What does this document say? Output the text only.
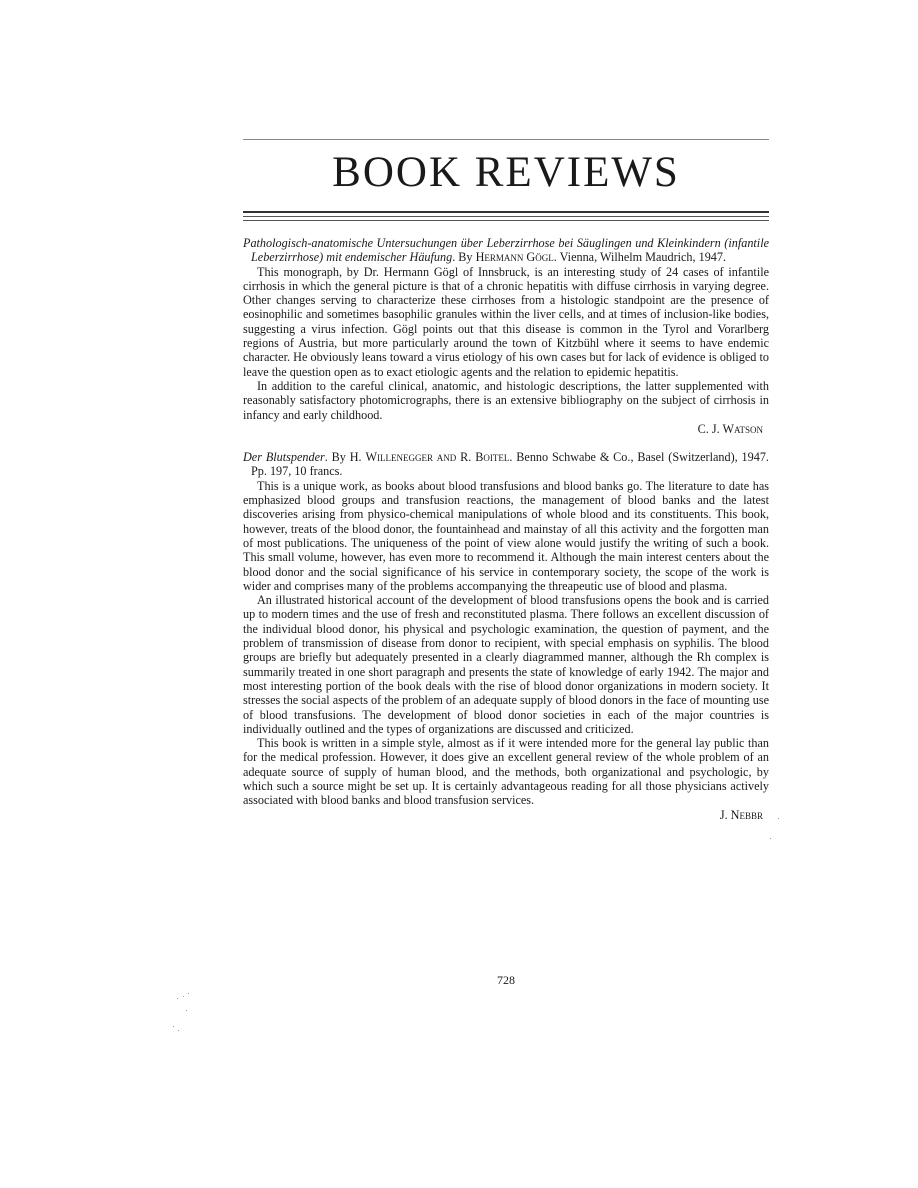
BOOK REVIEWS

Pathologisch-anatomische Untersuchungen über Leberzirrhose bei Säuglingen und Kleinkindern (infantile Leberzirrhose) mit endemischer Häufung. By Hermann Gögl. Vienna, Wilhelm Maudrich, 1947.

This monograph, by Dr. Hermann Gögl of Innsbruck, is an interesting study of 24 cases of infantile cirrhosis in which the general picture is that of a chronic hepatitis with diffuse cirrhosis in varying degree. Other changes serving to characterize these cirrhoses from a histologic standpoint are the presence of eosinophilic and sometimes basophilic granules within the liver cells, and at times of inclusion-like bodies, suggesting a virus infection. Gögl points out that this disease is common in the Tyrol and Vorarlberg regions of Austria, but more particularly around the town of Kitzbühl where it seems to have endemic character. He obviously leans toward a virus etiology of his own cases but for lack of evidence is obliged to leave the question open as to exact etiologic agents and the relation to epidemic hepatitis.

In addition to the careful clinical, anatomic, and histologic descriptions, the latter supplemented with reasonably satisfactory photomicrographs, there is an extensive bibliography on the subject of cirrhosis in infancy and early childhood.

C. J. Watson

Der Blutspender. By H. Willenegger and R. Boitel. Benno Schwabe & Co., Basel (Switzerland), 1947. Pp. 197, 10 francs.

This is a unique work, as books about blood transfusions and blood banks go. The literature to date has emphasized blood groups and transfusion reactions, the management of blood banks and the latest discoveries arising from physico-chemical manipulations of whole blood and its constituents. This book, however, treats of the blood donor, the fountainhead and mainstay of all this activity and the forgotten man of most publications. The uniqueness of the point of view alone would justify the writing of such a book. This small volume, however, has even more to recommend it. Although the main interest centers about the blood donor and the social significance of his service in contemporary society, the scope of the work is wider and comprises many of the problems accompanying the threapeutic use of blood and plasma.

An illustrated historical account of the development of blood transfusions opens the book and is carried up to modern times and the use of fresh and reconstituted plasma. There follows an excellent discussion of the individual blood donor, his physical and psychologic examination, the question of payment, and the problem of transmission of disease from donor to recipient, with special emphasis on syphilis. The blood groups are briefly but adequately presented in a clearly diagrammed manner, although the Rh complex is summarily treated in one short paragraph and presents the state of knowledge of early 1942. The major and most interesting portion of the book deals with the rise of blood donor organizations in modern society. It stresses the social aspects of the problem of an adequate supply of blood donors in the face of mounting use of blood transfusions. The development of blood donor societies in each of the major countries is individually outlined and the types of organizations are discussed and criticized.

This book is written in a simple style, almost as if it were intended more for the general lay public than for the medical profession. However, it does give an excellent general review of the whole problem of an adequate source of supply of human blood, and the methods, both organizational and psychologic, by which such a source might be set up. It is certainly advantageous reading for all those physicians actively associated with blood banks and blood transfusion services.

J. Nebbr
728
